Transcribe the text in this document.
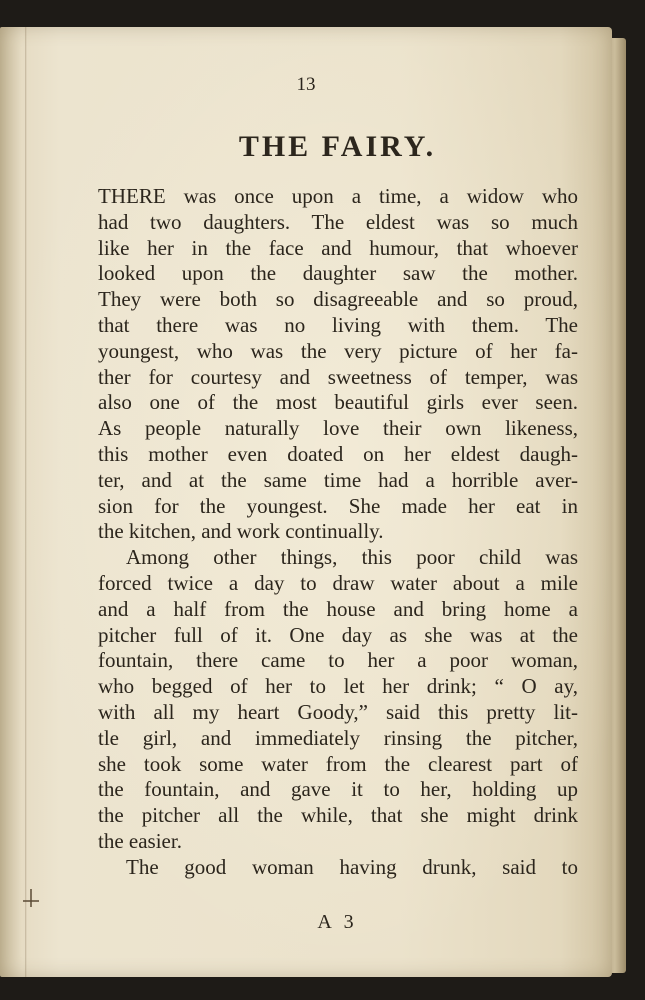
13
THE FAIRY.
THERE was once upon a time, a widow who
had two daughters. The eldest was so much
like her in the face and humour, that whoever
looked upon the daughter saw the mother.
They were both so disagreeable and so proud,
that there was no living with them. The
youngest, who was the very picture of her fa-
ther for courtesy and sweetness of temper, was
also one of the most beautiful girls ever seen.
As people naturally love their own likeness,
this mother even doated on her eldest daugh-
ter, and at the same time had a horrible aver-
sion for the youngest. She made her eat in
the kitchen, and work continually.
Among other things, this poor child was
forced twice a day to draw water about a mile
and a half from the house and bring home a
pitcher full of it. One day as she was at the
fountain, there came to her a poor woman,
who begged of her to let her drink; “ O ay,
with all my heart Goody,” said this pretty lit-
tle girl, and immediately rinsing the pitcher,
she took some water from the clearest part of
the fountain, and gave it to her, holding up
the pitcher all the while, that she might drink
the easier.
The good woman having drunk, said to
A 3
